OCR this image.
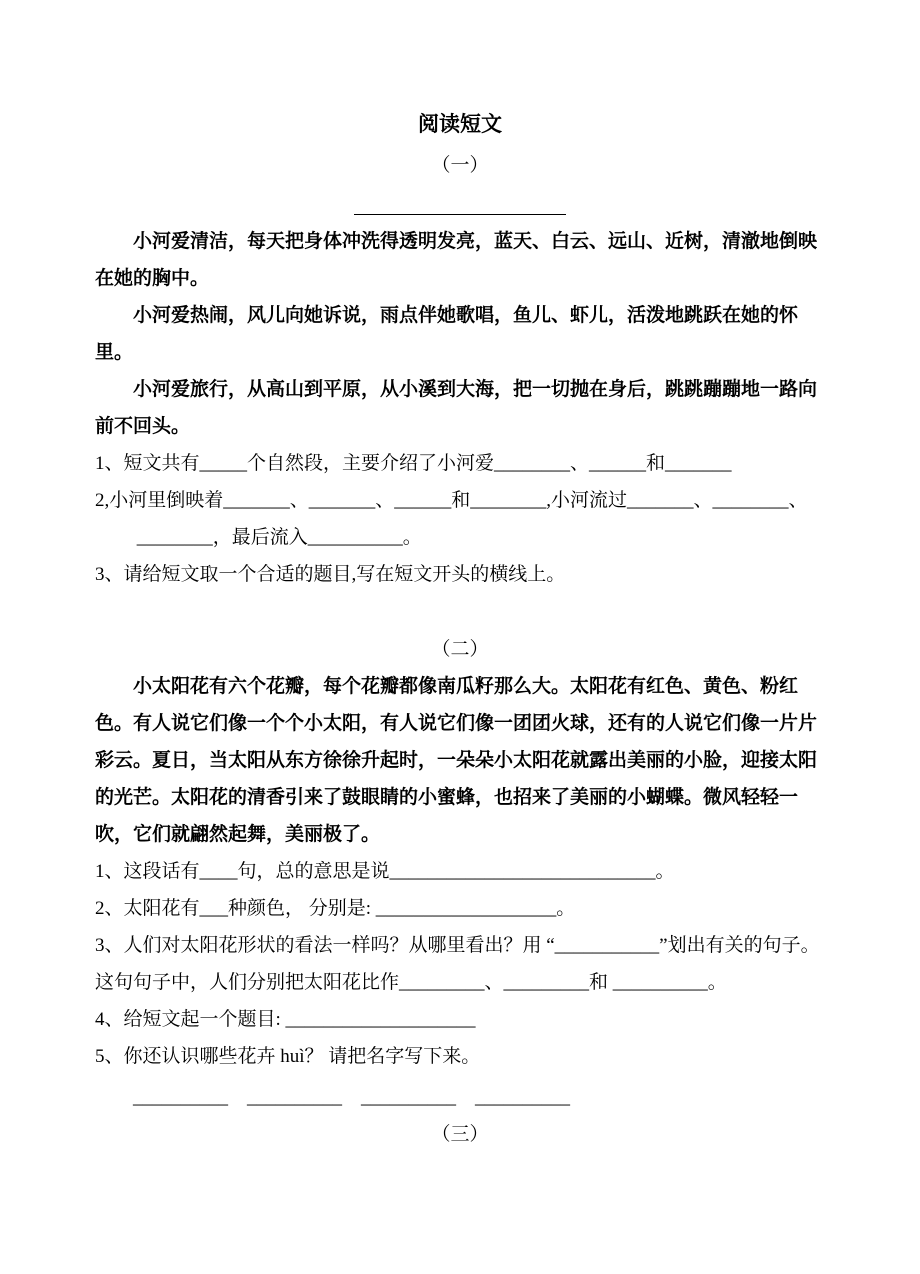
阅读短文
（一）

小河爱清洁，每天把身体冲洗得透明发亮，蓝天、白云、远山、近树，清澈地倒映在她的胸中。

小河爱热闹，风儿向她诉说，雨点伴她歌唱，鱼儿、虾儿，活泼地跳跃在她的怀里。

小河爱旅行，从高山到平原，从小溪到大海，把一切抛在身后，跳跳蹦蹦地一路向前不回头。

1、短文共有_____个自然段，主要介绍了小河爱________、______和_______

2,小河里倒映着_______、_______、______和________,小河流过_______、________、________，最后流入__________。

3、请给短文取一个合适的题目,写在短文开头的横线上。

（二）

小太阳花有六个花瓣，每个花瓣都像南瓜籽那么大。太阳花有红色、黄色、粉红色。有人说它们像一个个小太阳，有人说它们像一团团火球，还有的人说它们像一片片彩云。夏日，当太阳从东方徐徐升起时，一朵朵小太阳花就露出美丽的小脸，迎接太阳的光芒。太阳花的清香引来了鼓眼睛的小蜜蜂，也招来了美丽的小蝴蝶。微风轻轻一吹，它们就翩然起舞，美丽极了。

1、这段话有____句，总的意思是说____________________________。

2、太阳花有___种颜色， 分别是: ___________________。

3、人们对太阳花形状的看法一样吗？从哪里看出？用 “___________”划出有关的句子。这句句子中，人们分别把太阳花比作_________、_________和 __________。

4、给短文起一个题目: ____________________

5、你还认识哪些花卉 huì？ 请把名字写下来。

__________　__________　__________　__________
（三）
